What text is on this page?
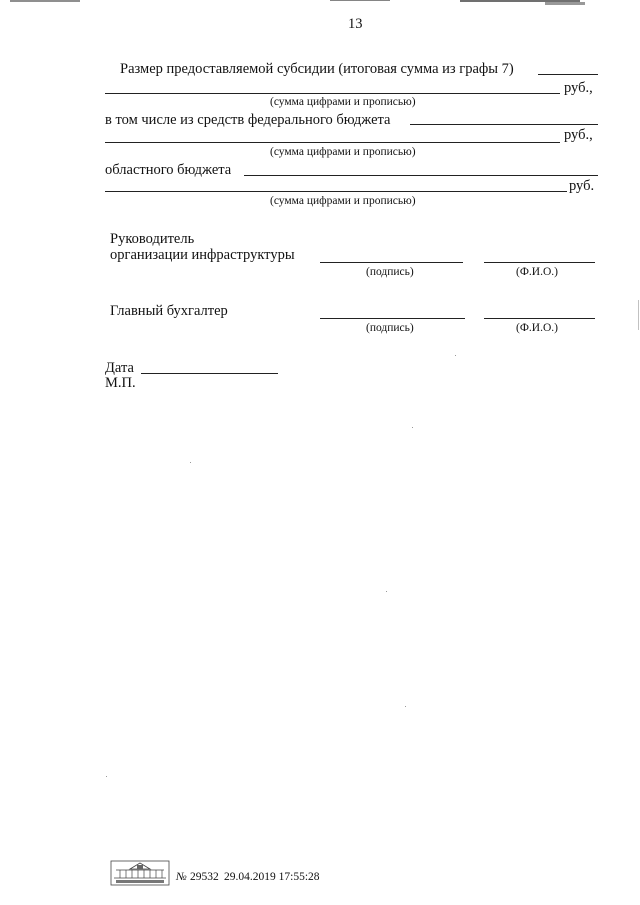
13
Размер предоставляемой субсидии (итоговая сумма из графы 7)
руб.,
(сумма цифрами и прописью)
в том числе из средств федерального бюджета
руб.,
(сумма цифрами и прописью)
областного бюджета
руб.
(сумма цифрами и прописью)
Руководитель
организации инфраструктуры
(подпись)	(Ф.И.О.)
Главный бухгалтер
(подпись)	(Ф.И.О.)
Дата
М.П.
№ 29532 29.04.2019 17:55:28
